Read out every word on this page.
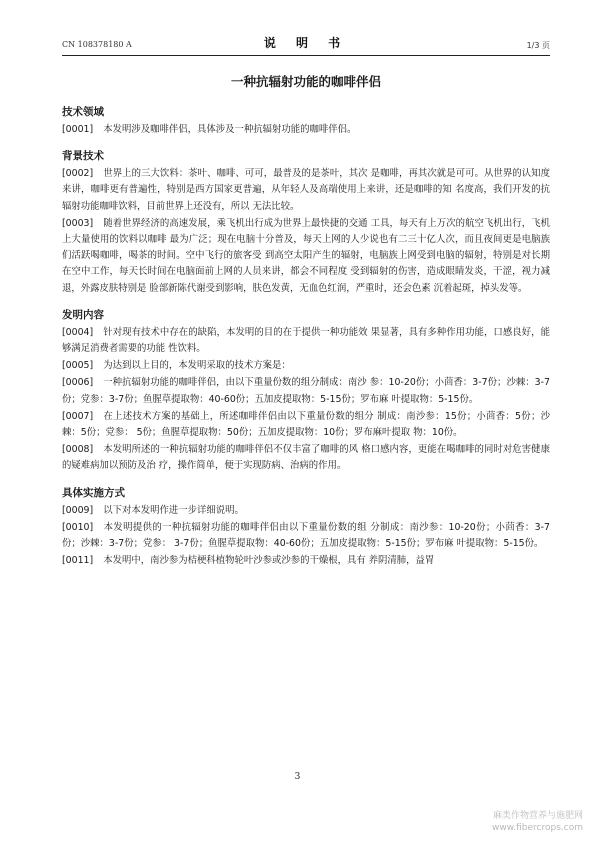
CN 108378180 A	说 明 书	1/3 页
一种抗辐射功能的咖啡伴侣
技术领域

[0001] 本发明涉及咖啡伴侣，具体涉及一种抗辐射功能的咖啡伴侣。

背景技术

[0002] 世界上的三大饮料：茶叶、咖啡、可可，最普及的是茶叶，其次 是咖啡，再其次就是可可。从世界的认知度来讲，咖啡更有普遍性，特别是西方国家更普遍，从年轻人及高端使用上来讲，还是咖啡的知 名度高，我们开发的抗辐射功能咖啡饮料，目前世界上还没有，所以 无法比较。

[0003] 随着世界经济的高速发展，乘飞机出行成为世界上最快捷的交通 工具，每天有上万次的航空飞机出行，飞机上大量使用的饮料以咖啡 最为广泛；现在电脑十分普及，每天上网的人少说也有二三十亿人次，而且夜间更是电脑族们活跃喝咖啡，喝茶的时间。空中飞行的旅客受 到高空太阳产生的辐射，电脑族上网受到电脑的辐射，特别是对长期 在空中工作，每天长时间在电脑面前上网的人员来讲，都会不同程度 受到辐射的伤害，造成眼睛发炎，干涩，视力减退，外露皮肤特别是 脸部新陈代谢受到影响，肤色发黄，无血色红润，严重时，还会色素 沉着起斑，掉头发等。

发明内容

[0004] 针对现有技术中存在的缺陷，本发明的目的在于提供一种功能效 果显著，具有多种作用功能，口感良好，能够满足消费者需要的功能 性饮料。

[0005] 为达到以上目的，本发明采取的技术方案是：

[0006] 一种抗辐射功能的咖啡伴侣，由以下重量份数的组分制成：南沙 参：10-20份；小茴香：3-7份；沙棘：3-7份；党参：3-7份；鱼腥草提取物：40-60份；五加皮提取物：5-15份；罗布麻 叶提取物：5-15份。

[0007] 在上述技术方案的基础上，所述咖啡伴侣由以下重量份数的组分 制成：南沙参：15份；小茴香：5份；沙棘：5份；党参： 5份；鱼腥草提取物：50份；五加皮提取物：10份；罗布麻叶提取 物：10份。

[0008] 本发明所述的一种抗辐射功能的咖啡伴侣不仅丰富了咖啡的风 格口感内容，更能在喝咖啡的同时对危害健康的疑难病加以预防及治 疗，操作简单，便于实现防病、治病的作用。

具体实施方式

[0009] 以下对本发明作进一步详细说明。

[0010] 本发明提供的一种抗辐射功能的咖啡伴侣由以下重量份数的组 分制成：南沙参：10-20份；小茴香：3-7份；沙棘：3-7份；党参： 3-7份；鱼腥草提取物：40-60份；五加皮提取物：5-15份；罗布麻 叶提取物：5-15份。

[0011] 本发明中，南沙参为桔梗科植物轮叶沙参或沙参的干燥根，具有 养阴清肺，益胃

3
麻类作物营养与施肥网
www.fibercrops.com
